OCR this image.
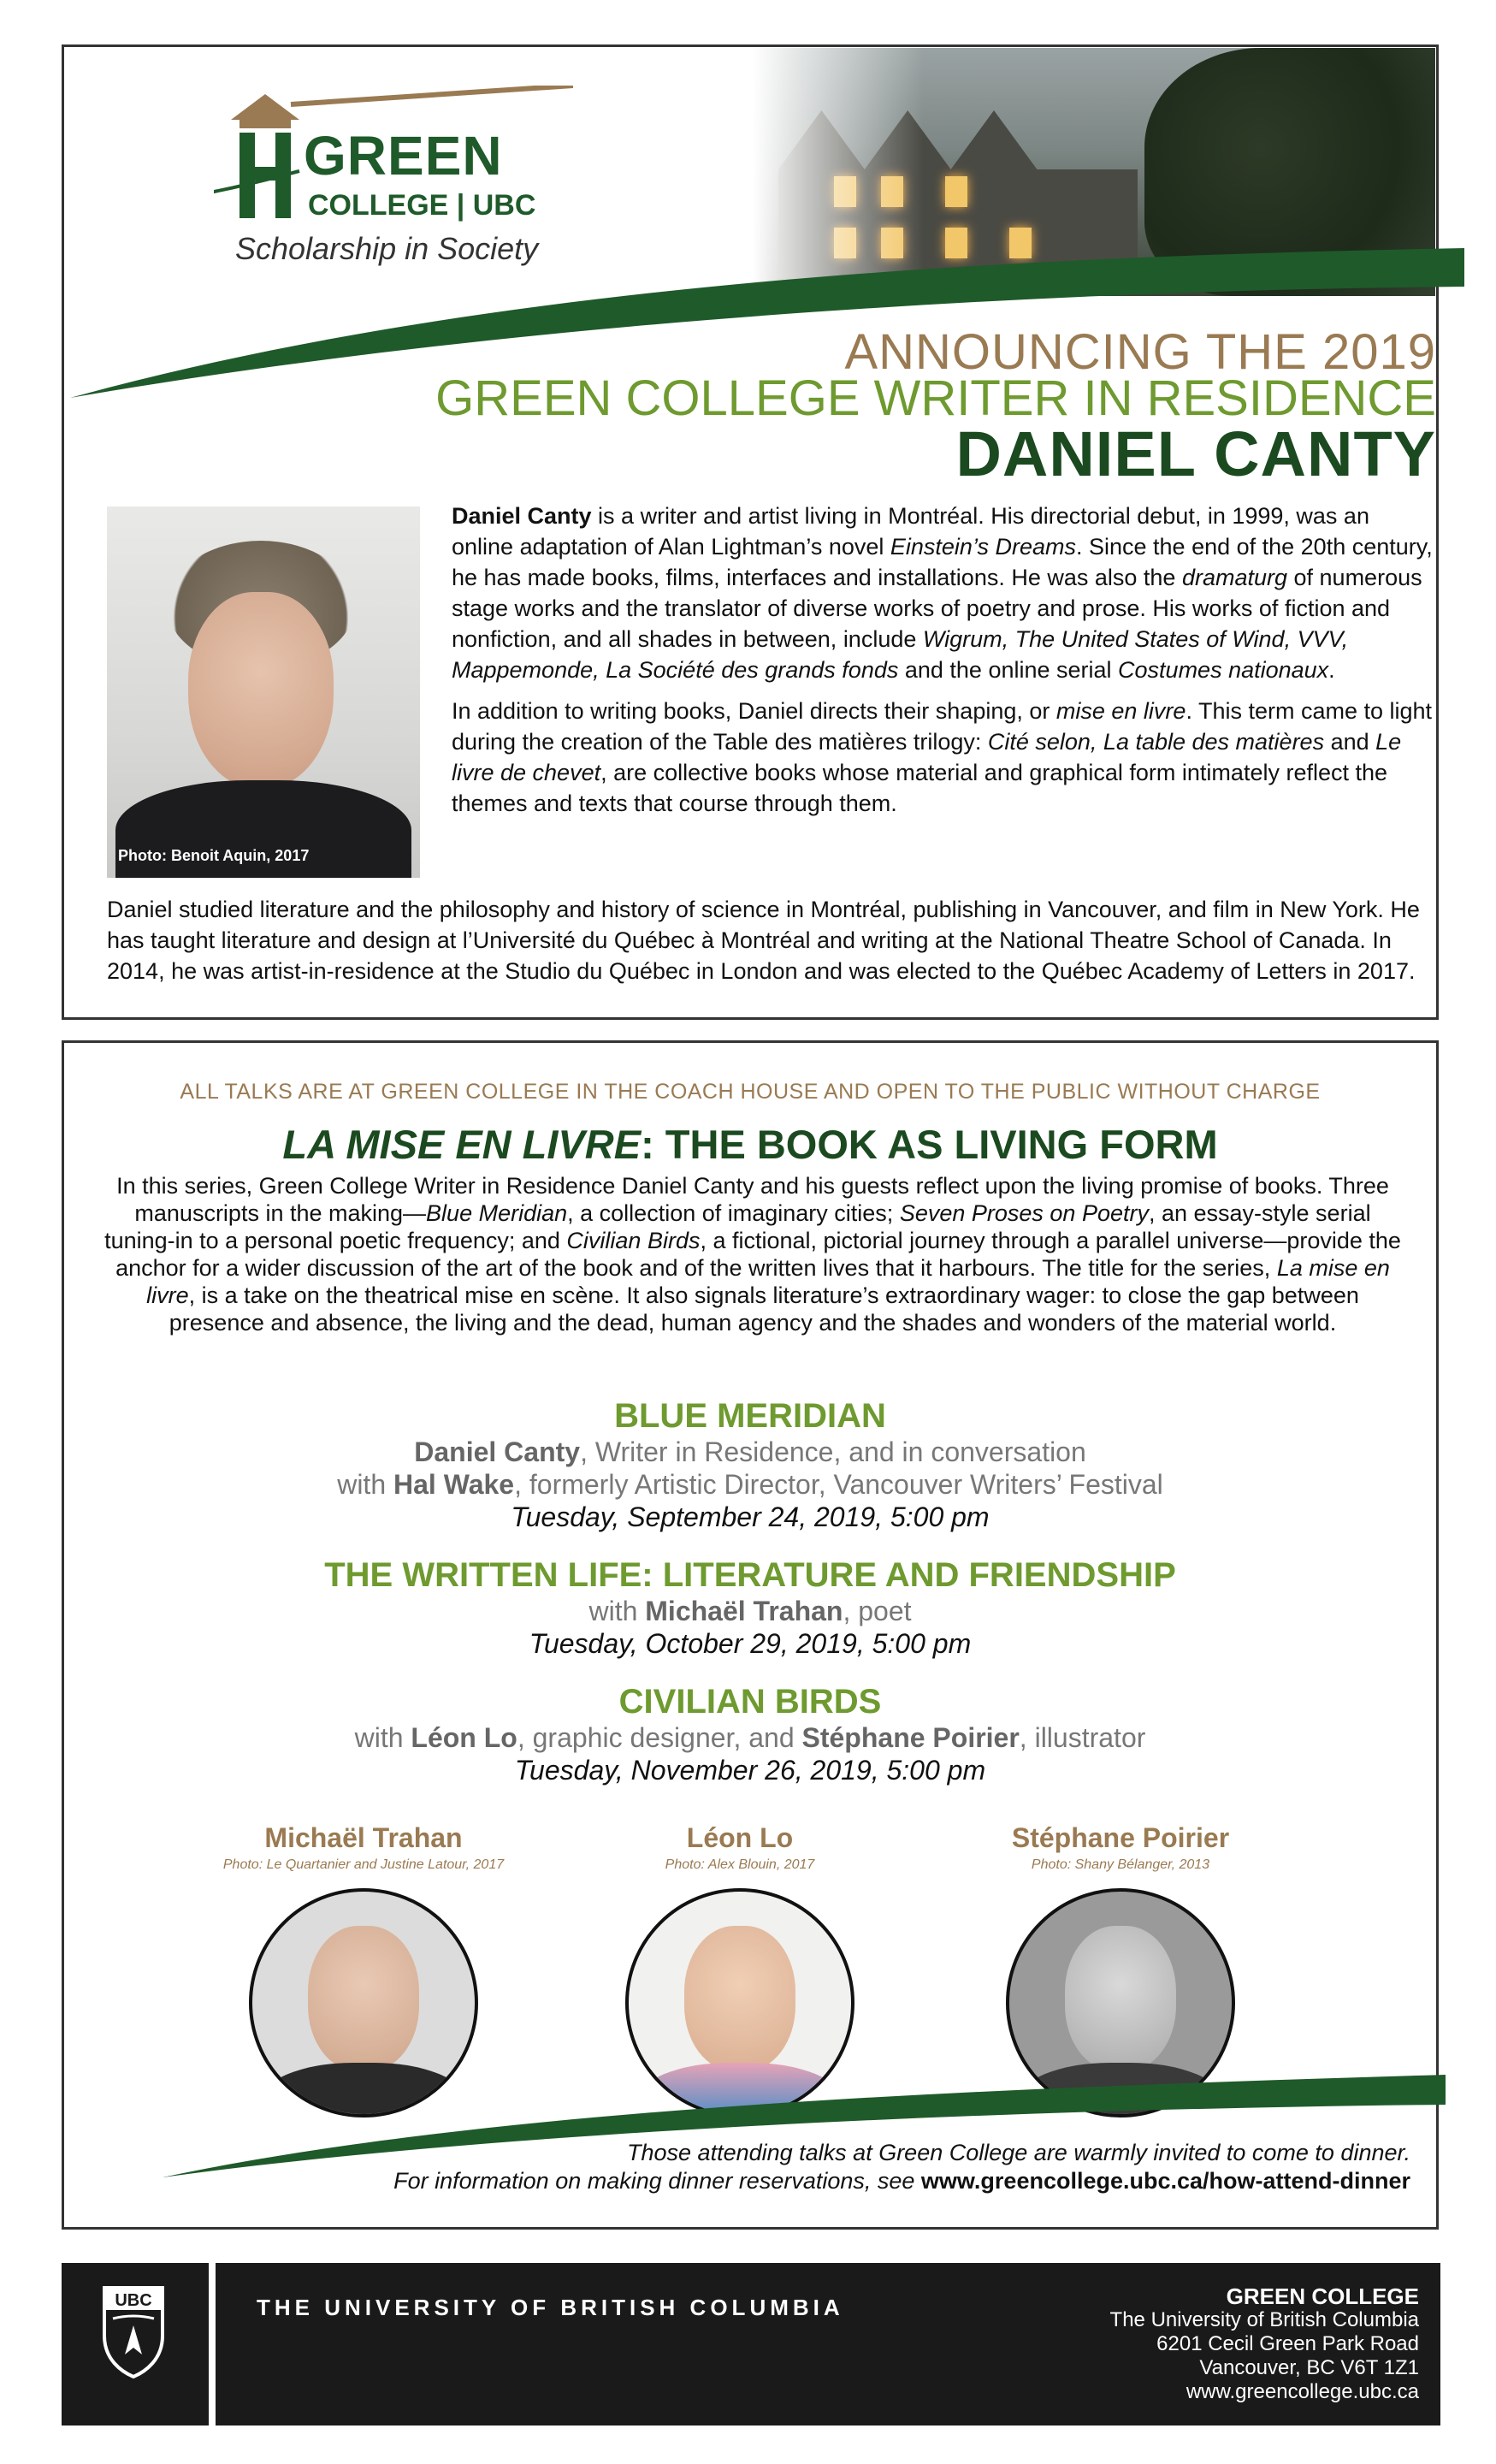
GREEN
COLLEGE | UBC
Scholarship in Society
ANNOUNCING THE 2019
GREEN COLLEGE WRITER IN RESIDENCE
DANIEL CANTY
Photo: Benoit Aquin, 2017

Daniel Canty is a writer and artist living in Montréal. His directorial debut, in 1999, was an online adaptation of Alan Lightman’s novel Einstein’s Dreams. Since the end of the 20th century, he has made books, films, interfaces and installations. He was also the dramaturg of numerous stage works and the translator of diverse works of poetry and prose. His works of fiction and nonfiction, and all shades in between, include Wigrum, The United States of Wind, VVV, Mappemonde, La Société des grands fonds and the online serial Costumes nationaux.

In addition to writing books, Daniel directs their shaping, or mise en livre. This term came to light during the creation of the Table des matières trilogy: Cité selon, La table des matières and Le livre de chevet, are collective books whose material and graphical form intimately reflect the themes and texts that course through them.

Daniel studied literature and the philosophy and history of science in Montréal, publishing in Vancouver, and film in New York. He has taught literature and design at l’Université du Québec à Montréal and writing at the National Theatre School of Canada. In 2014, he was artist-in-residence at the Studio du Québec in London and was elected to the Québec Academy of Letters in 2017.
ALL TALKS ARE AT GREEN COLLEGE IN THE COACH HOUSE AND OPEN TO THE PUBLIC WITHOUT CHARGE
LA MISE EN LIVRE: THE BOOK AS LIVING FORM
In this series, Green College Writer in Residence Daniel Canty and his guests reflect upon the living promise of books. Three manuscripts in the making—Blue Meridian, a collection of imaginary cities; Seven Proses on Poetry, an essay-style serial tuning-in to a personal poetic frequency; and Civilian Birds, a fictional, pictorial journey through a parallel universe—provide the anchor for a wider discussion of the art of the book and of the written lives that it harbours. The title for the series, La mise en livre, is a take on the theatrical mise en scène. It also signals literature’s extraordinary wager: to close the gap between presence and absence, the living and the dead, human agency and the shades and wonders of the material world.
BLUE MERIDIAN
Daniel Canty, Writer in Residence, and in conversation
with Hal Wake, formerly Artistic Director, Vancouver Writers’ Festival
Tuesday, September 24, 2019, 5:00 pm
THE WRITTEN LIFE: LITERATURE AND FRIENDSHIP
with Michaël Trahan, poet
Tuesday, October 29, 2019, 5:00 pm
CIVILIAN BIRDS
with Léon Lo, graphic designer, and Stéphane Poirier, illustrator
Tuesday, November 26, 2019, 5:00 pm
Michaël Trahan
Photo: Le Quartanier and Justine Latour, 2017
Léon Lo
Photo: Alex Blouin, 2017
Stéphane Poirier
Photo: Shany Bélanger, 2013
Those attending talks at Green College are warmly invited to come to dinner.
For information on making dinner reservations, see www.greencollege.ubc.ca/how-attend-dinner
UBC	THE UNIVERSITY OF BRITISH COLUMBIA	GREEN COLLEGE
The University of British Columbia
6201 Cecil Green Park Road
Vancouver, BC V6T 1Z1
www.greencollege.ubc.ca
